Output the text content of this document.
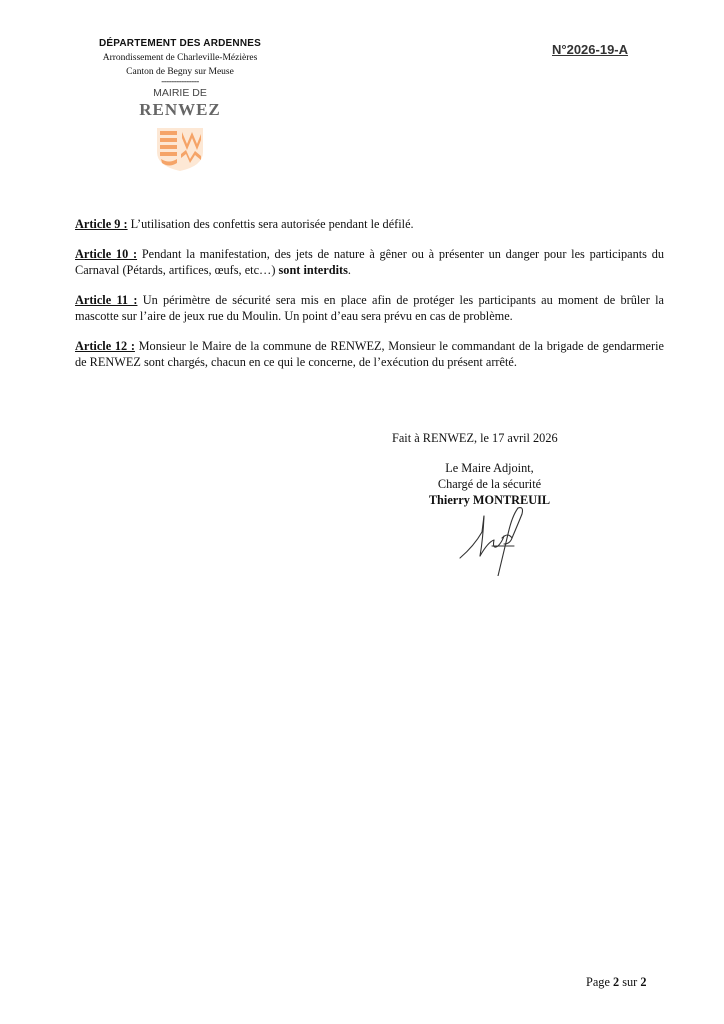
DÉPARTEMENT DES ARDENNES
Arrondissement de Charleville-Mézières
Canton de Begny sur Meuse
---------------
MAIRIE DE
RENWEZ
N°2026-19-A

Article 9 : L’utilisation des confettis sera autorisée pendant le défilé.

Article 10 : Pendant la manifestation, des jets de nature à gêner ou à présenter un danger pour les participants du Carnaval (Pétards, artifices, œufs, etc…) sont interdits.

Article 11 : Un périmètre de sécurité sera mis en place afin de protéger les participants au moment de brûler la mascotte sur l’aire de jeux rue du Moulin. Un point d’eau sera prévu en cas de problème.

Article 12 : Monsieur le Maire de la commune de RENWEZ, Monsieur le commandant de la brigade de gendarmerie de RENWEZ sont chargés, chacun en ce qui le concerne, de l’exécution du présent arrêté.

Fait à RENWEZ, le 17 avril 2026
Le Maire Adjoint,
Chargé de la sécurité
Thierry MONTREUIL
Page 2 sur 2
